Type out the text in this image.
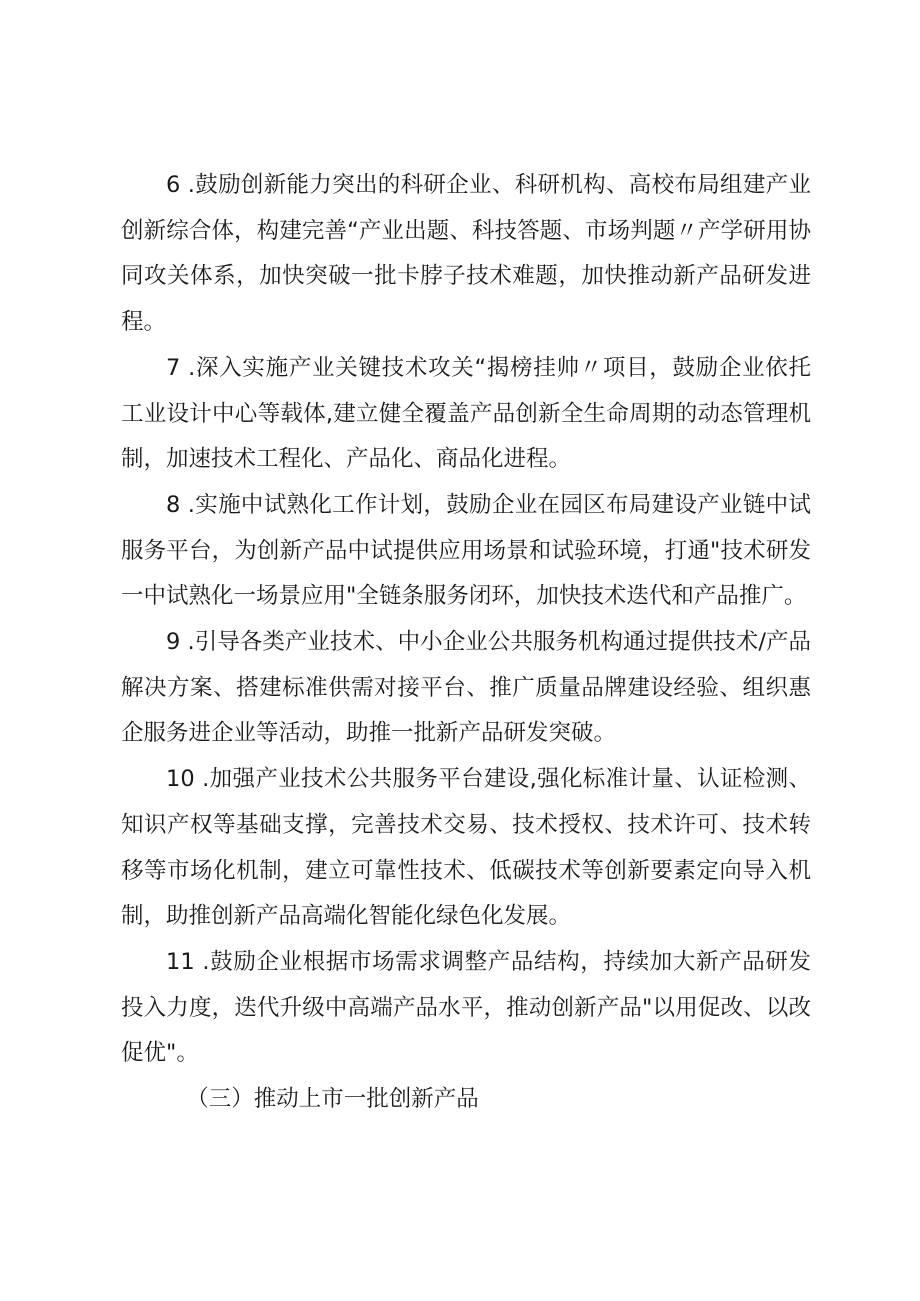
6 .鼓励创新能力突出的科研企业、科研机构、高校布局组建产业创新综合体，构建完善“产业出题、科技答题、市场判题〃产学研用协同攻关体系，加快突破一批卡脖子技术难题，加快推动新产品研发进程。

7 .深入实施产业关键技术攻关“揭榜挂帅〃项目，鼓励企业依托工业设计中心等载体,建立健全覆盖产品创新全生命周期的动态管理机制，加速技术工程化、产品化、商品化进程。

8 .实施中试熟化工作计划，鼓励企业在园区布局建设产业链中试服务平台，为创新产品中试提供应用场景和试验环境，打通"技术研发一中试熟化一场景应用"全链条服务闭环，加快技术迭代和产品推广。

9 .引导各类产业技术、中小企业公共服务机构通过提供技术/产品解决方案、搭建标准供需对接平台、推广质量品牌建设经验、组织惠企服务进企业等活动，助推一批新产品研发突破。

10 .加强产业技术公共服务平台建设,强化标准计量、认证检测、知识产权等基础支撑，完善技术交易、技术授权、技术许可、技术转移等市场化机制，建立可靠性技术、低碳技术等创新要素定向导入机制，助推创新产品高端化智能化绿色化发展。

11 .鼓励企业根据市场需求调整产品结构，持续加大新产品研发投入力度，迭代升级中高端产品水平，推动创新产品"以用促改、以改促优"。

（三）推动上市一批创新产品
